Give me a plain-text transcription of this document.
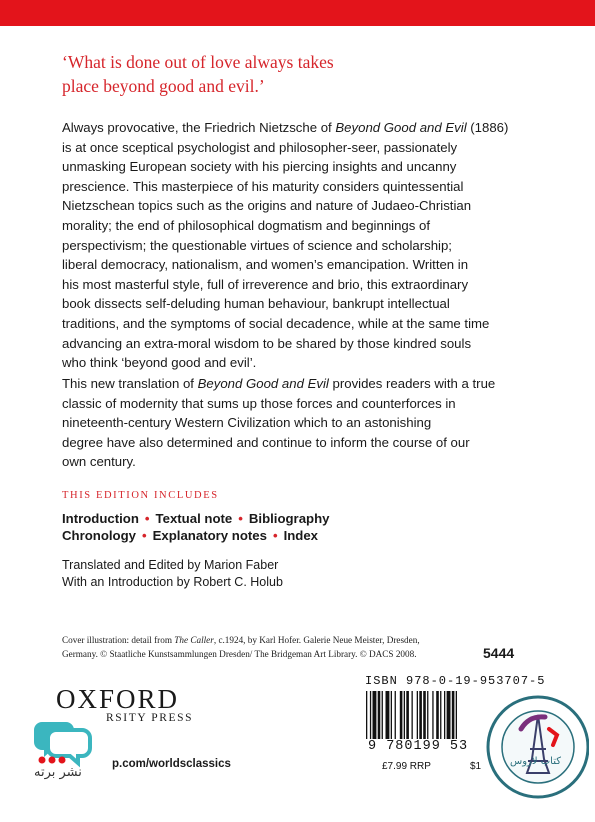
‘What is done out of love always takes
place beyond good and evil.’
Always provocative, the Friedrich Nietzsche of Beyond Good and Evil (1886)
is at once sceptical psychologist and philosopher-seer, passionately
unmasking European society with his piercing insights and uncanny
prescience. This masterpiece of his maturity considers quintessential
Nietzschean topics such as the origins and nature of Judaeo-Christian
morality; the end of philosophical dogmatism and beginnings of
perspectivism; the questionable virtues of science and scholarship;
liberal democracy, nationalism, and women’s emancipation. Written in
his most masterful style, full of irreverence and brio, this extraordinary
book dissects self-deluding human behaviour, bankrupt intellectual
traditions, and the symptoms of social decadence, while at the same time
advancing an extra-moral wisdom to be shared by those kindred souls
who think ‘beyond good and evil’.
This new translation of Beyond Good and Evil provides readers with a true
classic of modernity that sums up those forces and counterforces in
nineteenth-century Western Civilization which to an astonishing
degree have also determined and continue to inform the course of our
own century.
THIS EDITION INCLUDES
Introduction • Textual note • Bibliography
Chronology • Explanatory notes • Index
Translated and Edited by Marion Faber
With an Introduction by Robert C. Holub
Cover illustration: detail from The Caller, c.1924, by Karl Hofer. Galerie Neue Meister, Dresden,
Germany. © Staatliche Kunstsammlungen Dresden/ The Bridgeman Art Library. © DACS 2008.	5444
OXFORD
RSITY PRESS
p.com/worldsclassics
ISBN 978-0-19-953707-5
9 780199 53
£7.99 RRP	$1
نشر برته
كتاب لاروس
